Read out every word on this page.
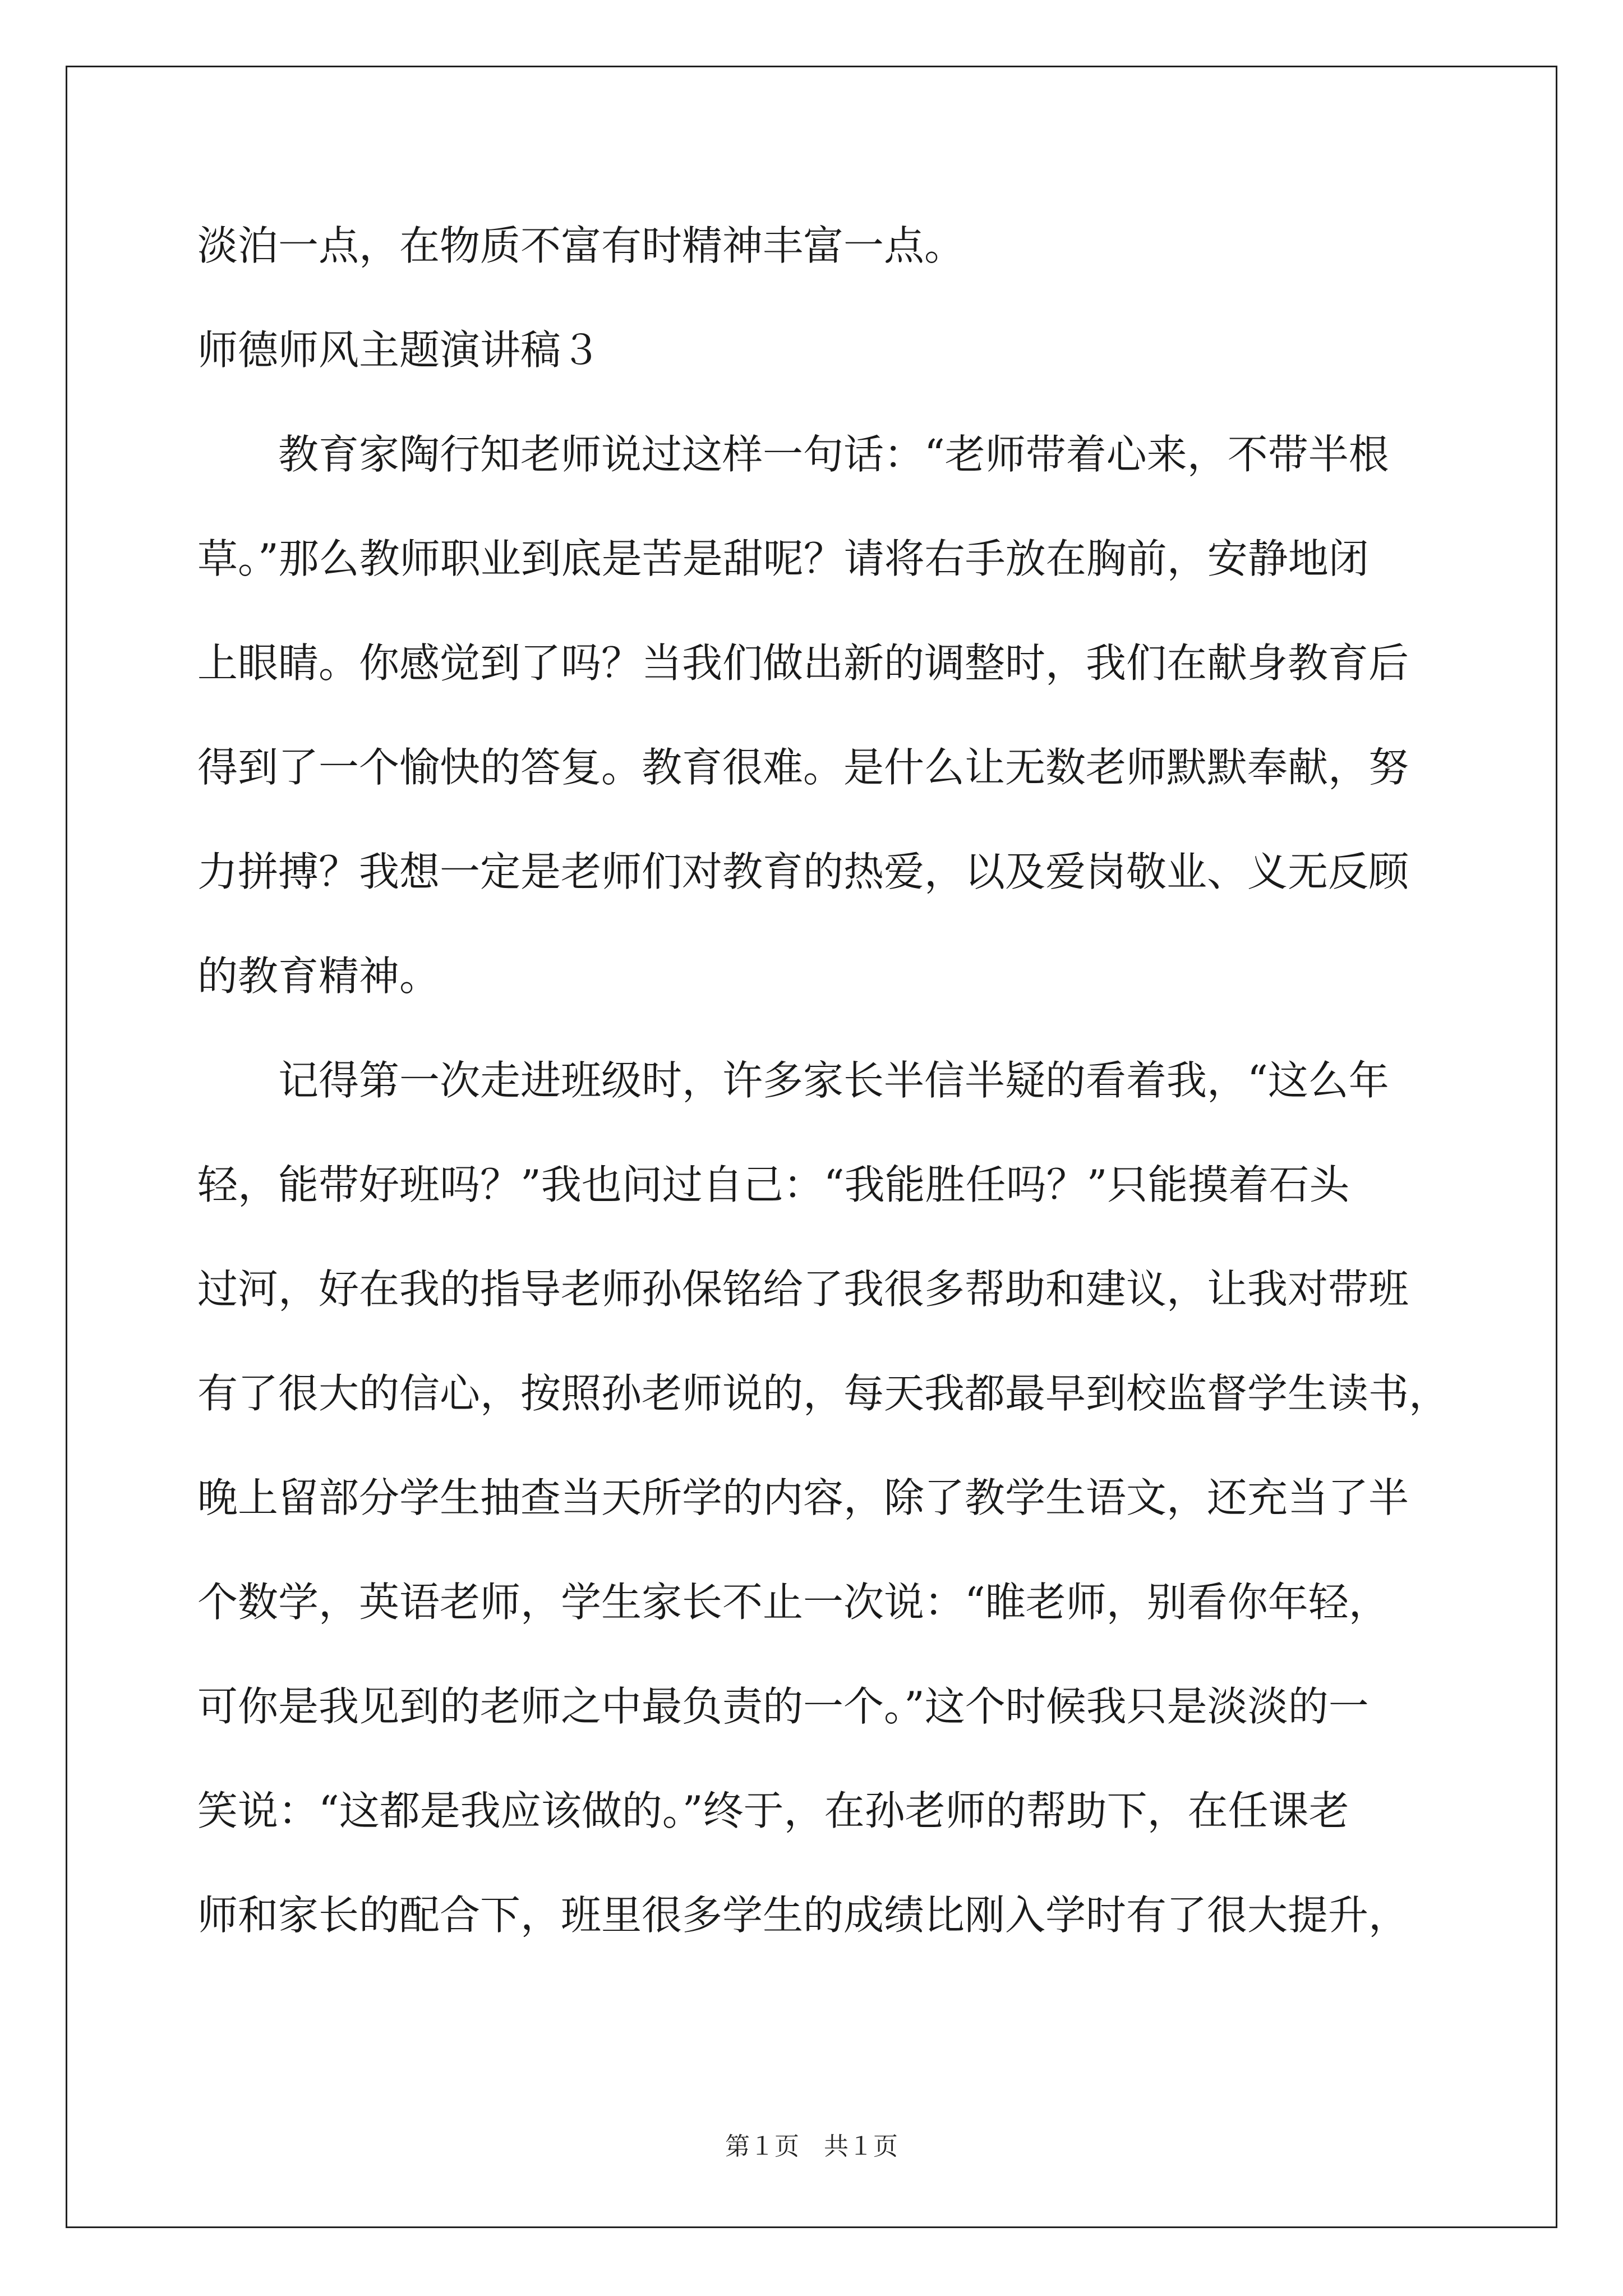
淡泊一点，在物质不富有时精神丰富一点。

师德师风主题演讲稿３

教育家陶行知老师说过这样一句话：“老师带着心来，不带半根

草。”那么教师职业到底是苦是甜呢？请将右手放在胸前，安静地闭

上眼睛。你感觉到了吗？当我们做出新的调整时，我们在献身教育后

得到了一个愉快的答复。教育很难。是什么让无数老师默默奉献，努

力拼搏？我想一定是老师们对教育的热爱，以及爱岗敬业、义无反顾

的教育精神。

记得第一次走进班级时，许多家长半信半疑的看着我，“这么年

轻，能带好班吗？”我也问过自己：“我能胜任吗？”只能摸着石头

过河，好在我的指导老师孙保铭给了我很多帮助和建议，让我对带班

有了很大的信心，按照孙老师说的，每天我都最早到校监督学生读书，

晚上留部分学生抽查当天所学的内容，除了教学生语文，还充当了半

个数学，英语老师，学生家长不止一次说：“睢老师，别看你年轻，

可你是我见到的老师之中最负责的一个。”这个时候我只是淡淡的一

笑说：“这都是我应该做的。”终于，在孙老师的帮助下，在任课老

师和家长的配合下，班里很多学生的成绩比刚入学时有了很大提升，

第１页　共１页
